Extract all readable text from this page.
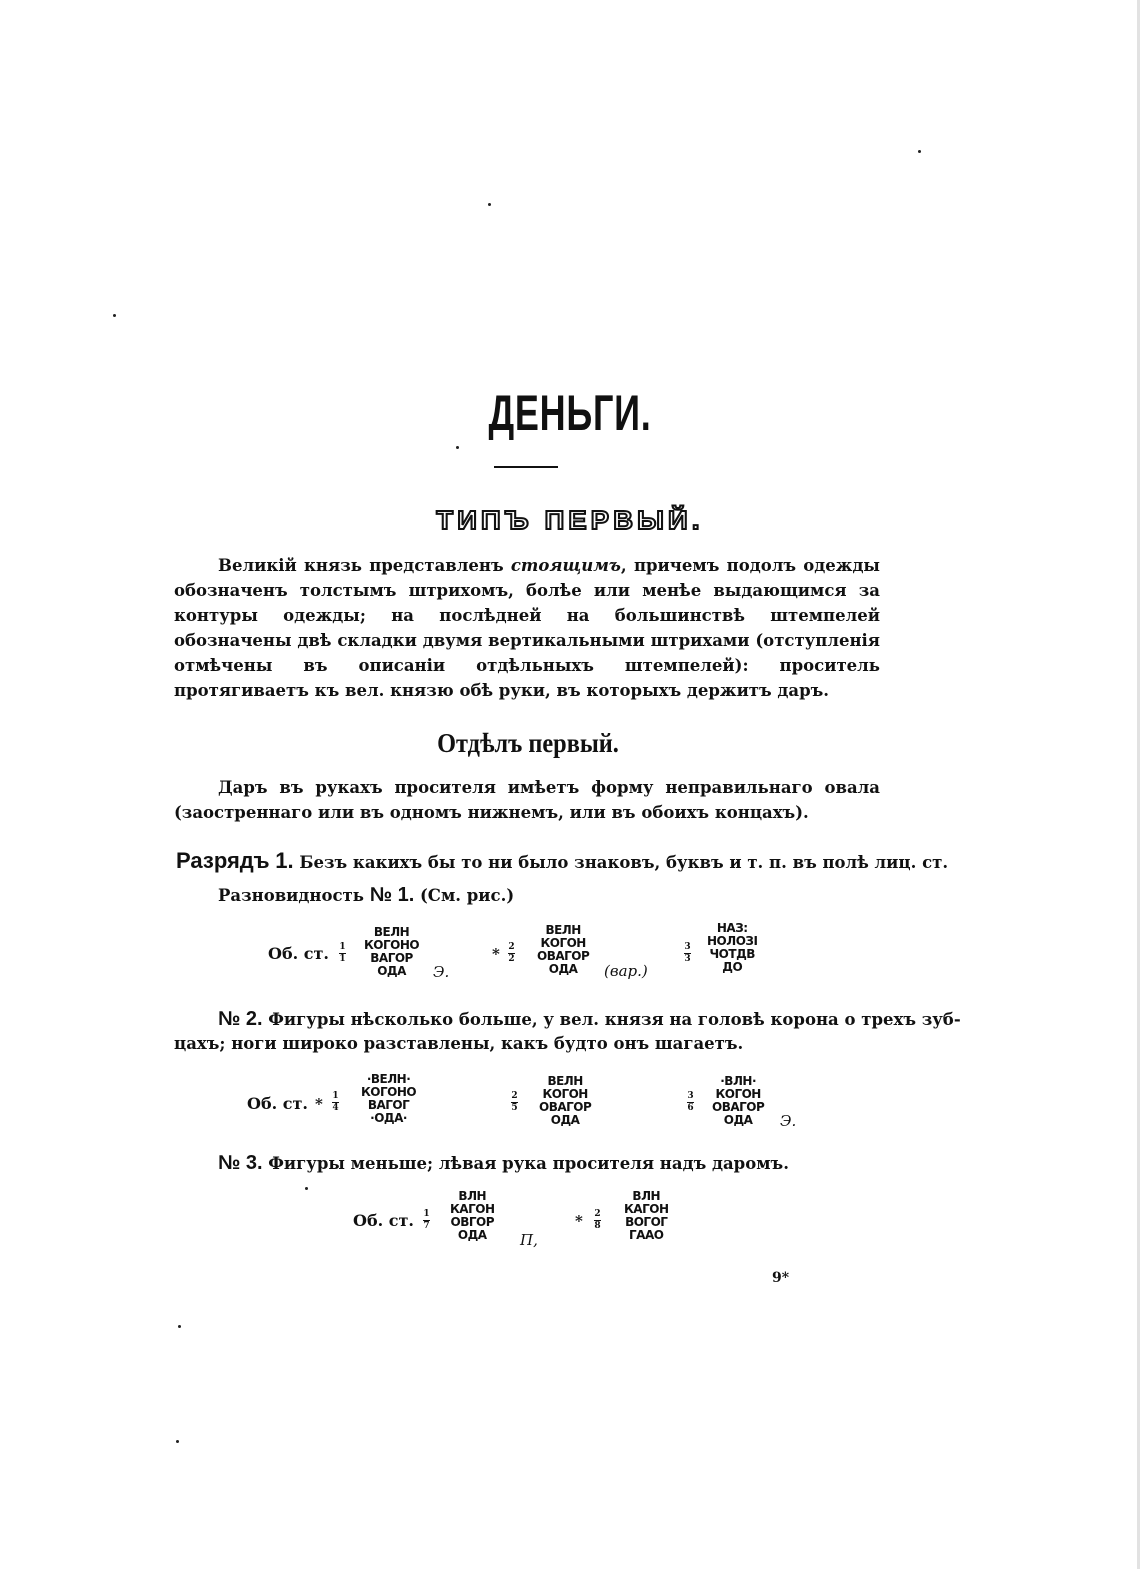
ДЕНЬГИ.
ТИПЪ ПЕРВЫЙ.
Великій князь представленъ стоящимъ, причемъ подолъ одежды обозначенъ толстымъ штрихомъ, болѣе или менѣе выдающимся за контуры одежды; на послѣдней на большинствѣ штемпелей обозначены двѣ складки двумя вертикальными штрихами (отступленія отмѣчены въ описаніи отдѣльныхъ штемпелей): проситель протягиваетъ къ вел. князю обѣ руки, въ которыхъ держитъ даръ.
Отдѣлъ первый.
Даръ въ рукахъ просителя имѣетъ форму неправильнаго овала (заостреннаго или въ одномъ нижнемъ, или въ обоихъ концахъ).
Разрядъ 1. Безъ какихъ бы то ни было знаковъ, буквъ и т. п. въ полѣ лиц. ст.
Разновидность № 1. (См. рис.)
Об. ст. 1
1
ВЕЛН
КОГОНО
ВАГОР
ОДА Э.
* 2
2
ВЕЛН
КОГОН
ОВАГОР
ОДА (вар.)
3
3
НАЗ:
НОЛОЗІ
ЧОТДВ
ДО
№ 2. Фигуры нѣсколько больше, у вел. князя на головѣ корона о трехъ зуб-
цахъ; ноги широко разставлены, какъ будто онъ шагаетъ.
Об. ст. * 1
4
·ВЕЛН·
КОГОНО
ВАГОГ
·ОДА·
2
5
ВЕЛН
КОГОН
ОВАГОР
ОДА
3
6
·ВЛН·
КОГОН
ОВАГОР
ОДА Э.
№ 3. Фигуры меньше; лѣвая рука просителя надъ даромъ.
Об. ст. 1
7
ВЛН
КАГОН
ОВГОР
ОДА П,
* 2
8
ВЛН
КАГОН
ВОГОГ
ГААО
9*
